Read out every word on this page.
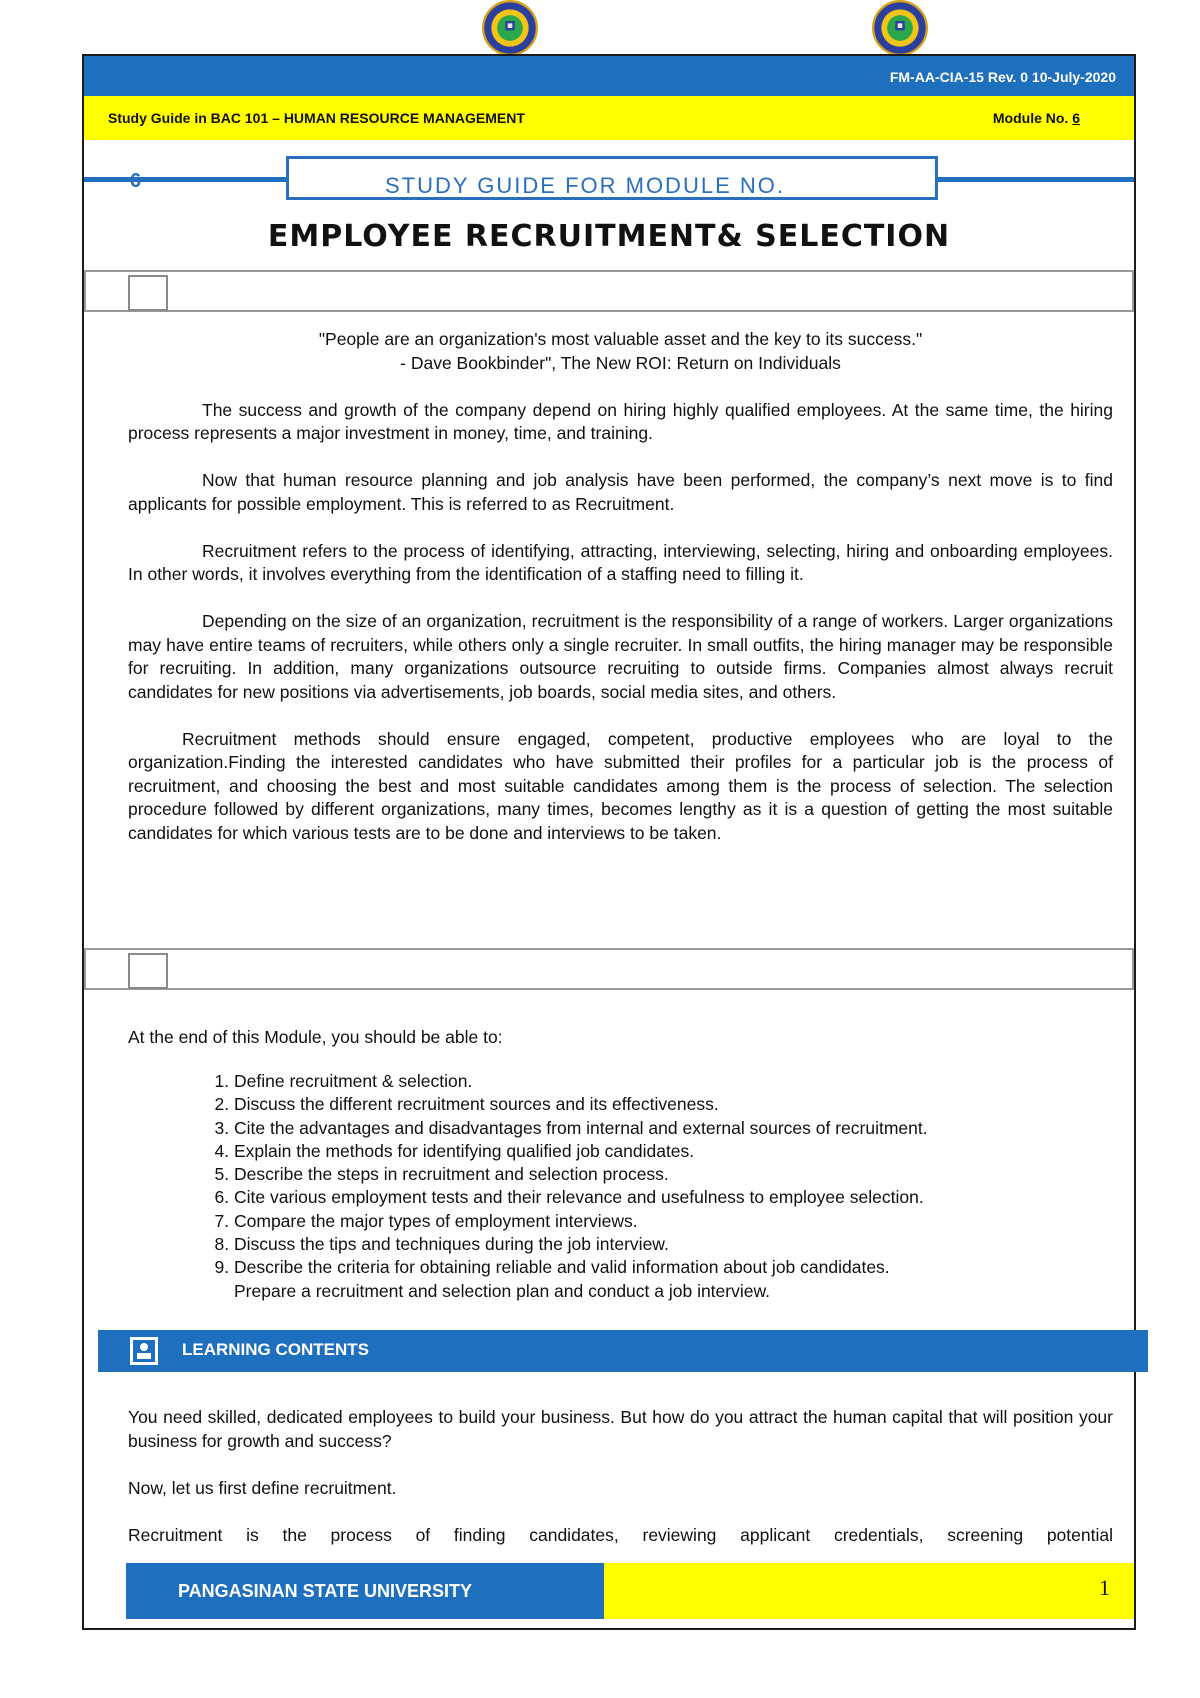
FM-AA-CIA-15 Rev. 0 10-July-2020
Study Guide in BAC 101 – HUMAN RESOURCE MANAGEMENT	Module No. 6
6	STUDY GUIDE FOR MODULE NO.
EMPLOYEE RECRUITMENT& SELECTION

"People are an organization's most valuable asset and the key to its success."

- Dave Bookbinder", The New ROI: Return on Individuals

The success and growth of the company depend on hiring highly qualified employees. At the same time, the hiring process represents a major investment in money, time, and training.

Now that human resource planning and job analysis have been performed, the company’s next move is to find applicants for possible employment. This is referred to as Recruitment.

Recruitment refers to the process of identifying, attracting, interviewing, selecting, hiring and onboarding employees. In other words, it involves everything from the identification of a staffing need to filling it.

Depending on the size of an organization, recruitment is the responsibility of a range of workers. Larger organizations may have entire teams of recruiters, while others only a single recruiter. In small outfits, the hiring manager may be responsible for recruiting. In addition, many organizations outsource recruiting to outside firms. Companies almost always recruit candidates for new positions via advertisements, job boards, social media sites, and others.

Recruitment methods should ensure engaged, competent, productive employees who are loyal to the organization.Finding the interested candidates who have submitted their profiles for a particular job is the process of recruitment, and choosing the best and most suitable candidates among them is the process of selection. The selection procedure followed by different organizations, many times, becomes lengthy as it is a question of getting the most suitable candidates for which various tests are to be done and interviews to be taken.

At the end of this Module, you should be able to:

1. Define recruitment & selection.
2. Discuss the different recruitment sources and its effectiveness.
3. Cite the advantages and disadvantages from internal and external sources of recruitment.
4. Explain the methods for identifying qualified job candidates.
5. Describe the steps in recruitment and selection process.
6. Cite various employment tests and their relevance and usefulness to employee selection.
7. Compare the major types of employment interviews.
8. Discuss the tips and techniques during the job interview.
9. Describe the criteria for obtaining reliable and valid information about job candidates.
Prepare a recruitment and selection plan and conduct a job interview.
LEARNING CONTENTS

You need skilled, dedicated employees to build your business. But how do you attract the human capital that will position your business for growth and success?

Now, let us first define recruitment.

Recruitment is the process of finding candidates, reviewing applicant credentials, screening potential

PANGASINAN STATE UNIVERSITY	1
